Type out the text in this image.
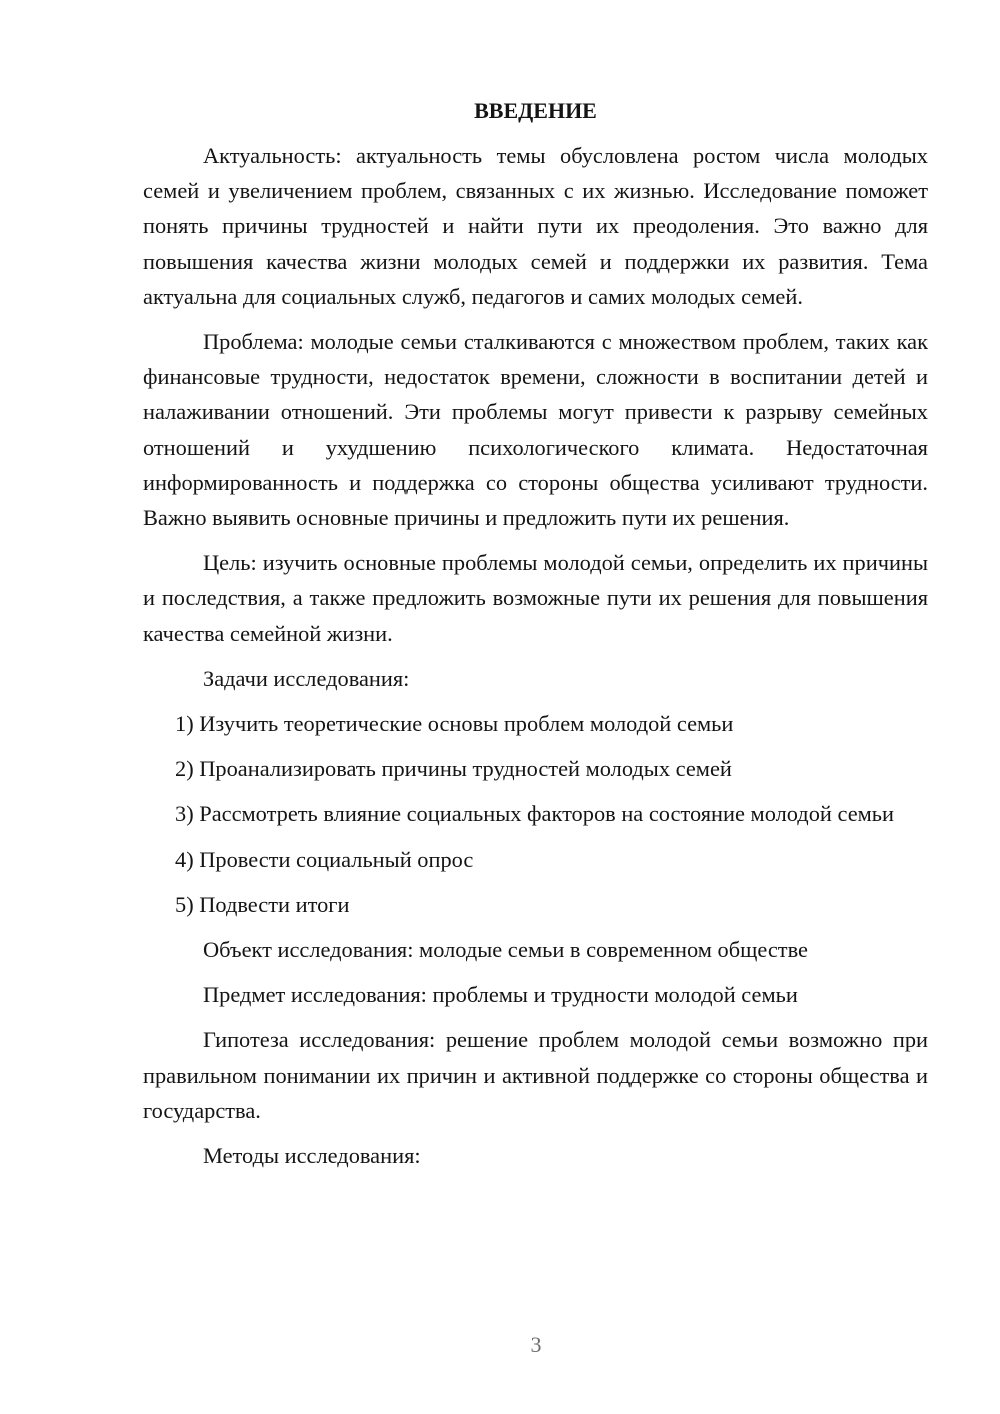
ВВЕДЕНИЕ

Актуальность: актуальность темы обусловлена ростом числа молодых семей и увеличением проблем, связанных с их жизнью. Исследование поможет понять причины трудностей и найти пути их преодоления. Это важно для повышения качества жизни молодых семей и поддержки их развития. Тема актуальна для социальных служб, педагогов и самих молодых семей.

Проблема: молодые семьи сталкиваются с множеством проблем, таких как финансовые трудности, недостаток времени, сложности в воспитании детей и налаживании отношений. Эти проблемы могут привести к разрыву семейных отношений и ухудшению психологического климата. Недостаточная информированность и поддержка со стороны общества усиливают трудности. Важно выявить основные причины и предложить пути их решения.

Цель: изучить основные проблемы молодой семьи, определить их причины и последствия, а также предложить возможные пути их решения для повышения качества семейной жизни.

Задачи исследования:

1) Изучить теоретические основы проблем молодой семьи

2) Проанализировать причины трудностей молодых семей

3) Рассмотреть влияние социальных факторов на состояние молодой семьи

4) Провести социальный опрос

5) Подвести итоги

Объект исследования: молодые семьи в современном обществе

Предмет исследования: проблемы и трудности молодой семьи

Гипотеза исследования: решение проблем молодой семьи возможно при правильном понимании их причин и активной поддержке со стороны общества и государства.

Методы исследования:

3
